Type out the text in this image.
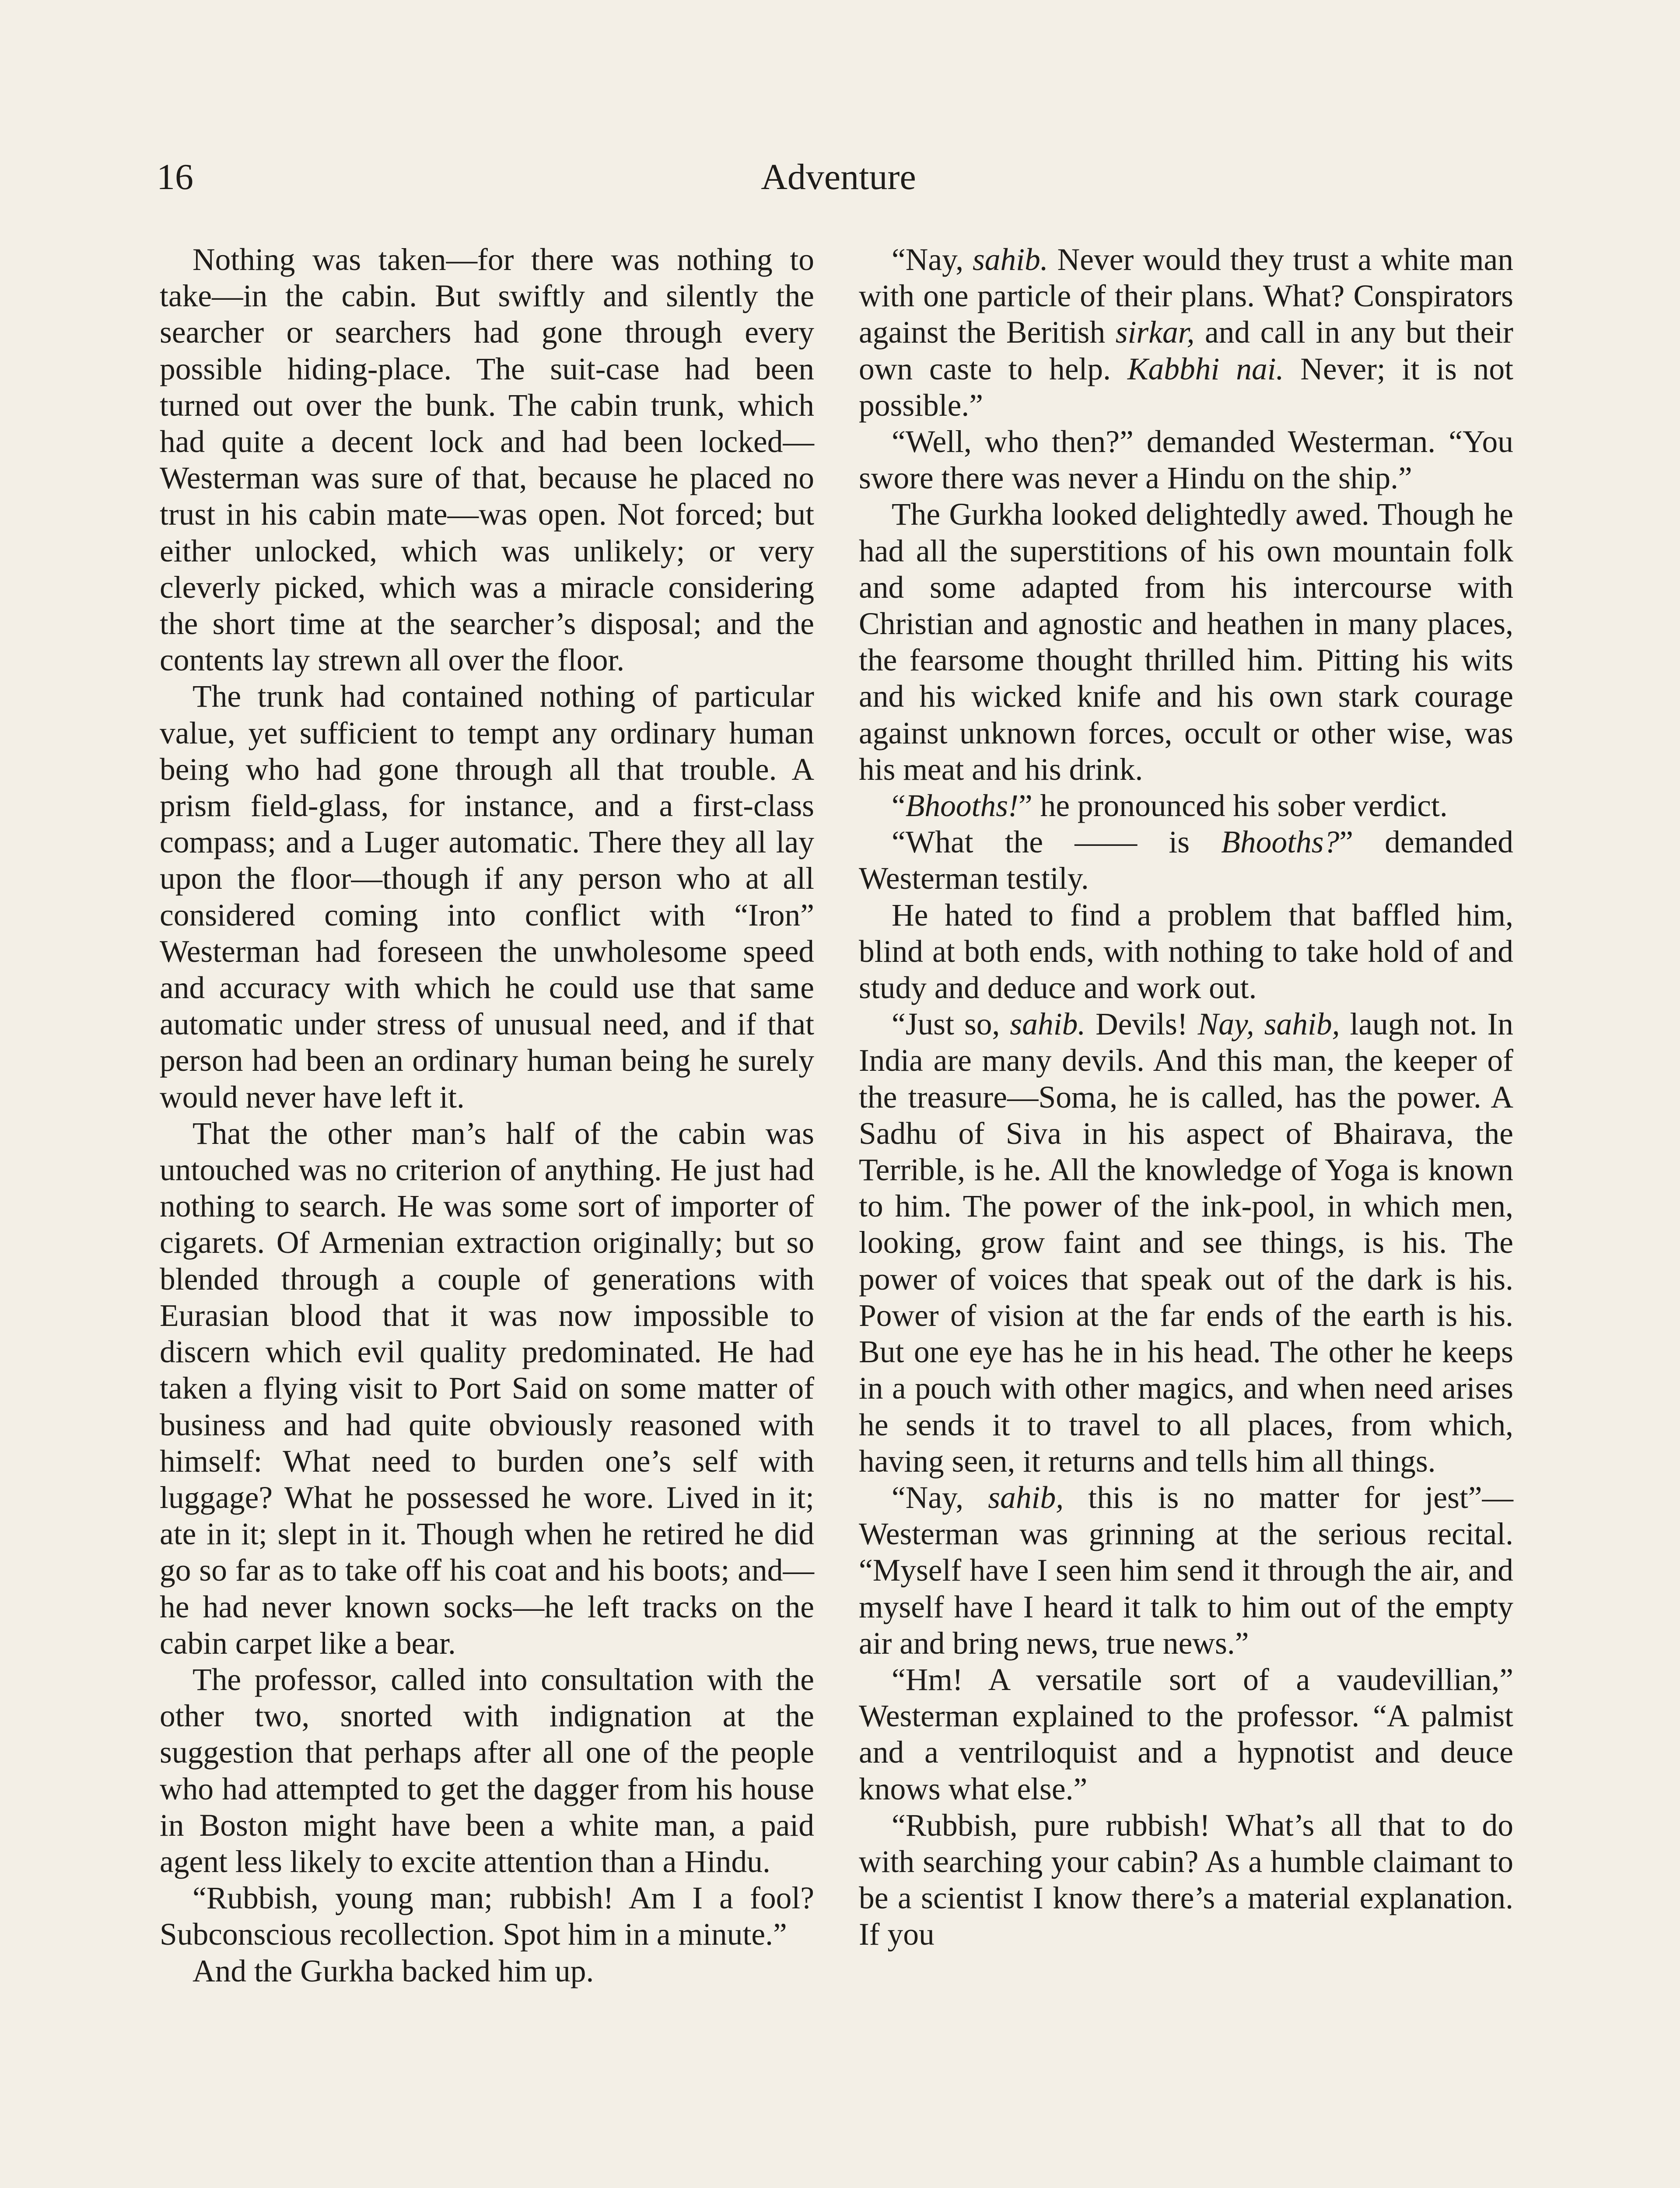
16	Adventure

Nothing was taken—for there was nothing to take—in the cabin. But swiftly and silently the searcher or searchers had gone through every possible hiding-place. The suit-case had been turned out over the bunk. The cabin trunk, which had quite a decent lock and had been locked—Westerman was sure of that, because he placed no trust in his cabin mate—was open. Not forced; but either unlocked, which was unlikely; or very cleverly picked, which was a miracle considering the short time at the searcher’s disposal; and the contents lay strewn all over the floor.

The trunk had contained nothing of particular value, yet sufficient to tempt any ordinary human being who had gone through all that trouble. A prism field-glass, for instance, and a first-class compass; and a Luger automatic. There they all lay upon the floor—though if any person who at all considered coming into conflict with “Iron” Westerman had foreseen the unwholesome speed and accuracy with which he could use that same automatic under stress of unusual need, and if that person had been an ordinary human being he surely would never have left it.

That the other man’s half of the cabin was untouched was no criterion of anything. He just had nothing to search. He was some sort of importer of cigarets. Of Armenian extraction originally; but so blended through a couple of generations with Eurasian blood that it was now impossible to discern which evil quality predominated. He had taken a flying visit to Port Said on some matter of business and had quite obviously reasoned with himself: What need to burden one’s self with luggage? What he possessed he wore. Lived in it; ate in it; slept in it. Though when he retired he did go so far as to take off his coat and his boots; and—he had never known socks—he left tracks on the cabin carpet like a bear.

The professor, called into consultation with the other two, snorted with indignation at the suggestion that perhaps after all one of the people who had attempted to get the dagger from his house in Boston might have been a white man, a paid agent less likely to excite attention than a Hindu.

“Rubbish, young man; rubbish! Am I a fool? Subconscious recollection. Spot him in a minute.”

And the Gurkha backed him up.

“Nay, sahib. Never would they trust a white man with one particle of their plans. What? Conspirators against the Beritish sirkar, and call in any but their own caste to help. Kabbhi nai. Never; it is not possible.”

“Well, who then?” demanded Westerman. “You swore there was never a Hindu on the ship.”

The Gurkha looked delightedly awed. Though he had all the superstitions of his own mountain folk and some adapted from his intercourse with Christian and agnostic and heathen in many places, the fearsome thought thrilled him. Pitting his wits and his wicked knife and his own stark courage against unknown forces, occult or other wise, was his meat and his drink.

“Bhooths!” he pronounced his sober verdict.

“What the —— is Bhooths?” demanded Westerman testily.

He hated to find a problem that baffled him, blind at both ends, with nothing to take hold of and study and deduce and work out.

“Just so, sahib. Devils! Nay, sahib, laugh not. In India are many devils. And this man, the keeper of the treasure—Soma, he is called, has the power. A Sadhu of Siva in his aspect of Bhairava, the Terrible, is he. All the knowledge of Yoga is known to him. The power of the ink-pool, in which men, looking, grow faint and see things, is his. The power of voices that speak out of the dark is his. Power of vision at the far ends of the earth is his. But one eye has he in his head. The other he keeps in a pouch with other magics, and when need arises he sends it to travel to all places, from which, having seen, it returns and tells him all things.

“Nay, sahib, this is no matter for jest”—Westerman was grinning at the serious recital. “Myself have I seen him send it through the air, and myself have I heard it talk to him out of the empty air and bring news, true news.”

“Hm! A versatile sort of a vaudevillian,” Westerman explained to the professor. “A palmist and a ventriloquist and a hypnotist and deuce knows what else.”

“Rubbish, pure rubbish! What’s all that to do with searching your cabin? As a humble claimant to be a scientist I know there’s a material explanation. If you
